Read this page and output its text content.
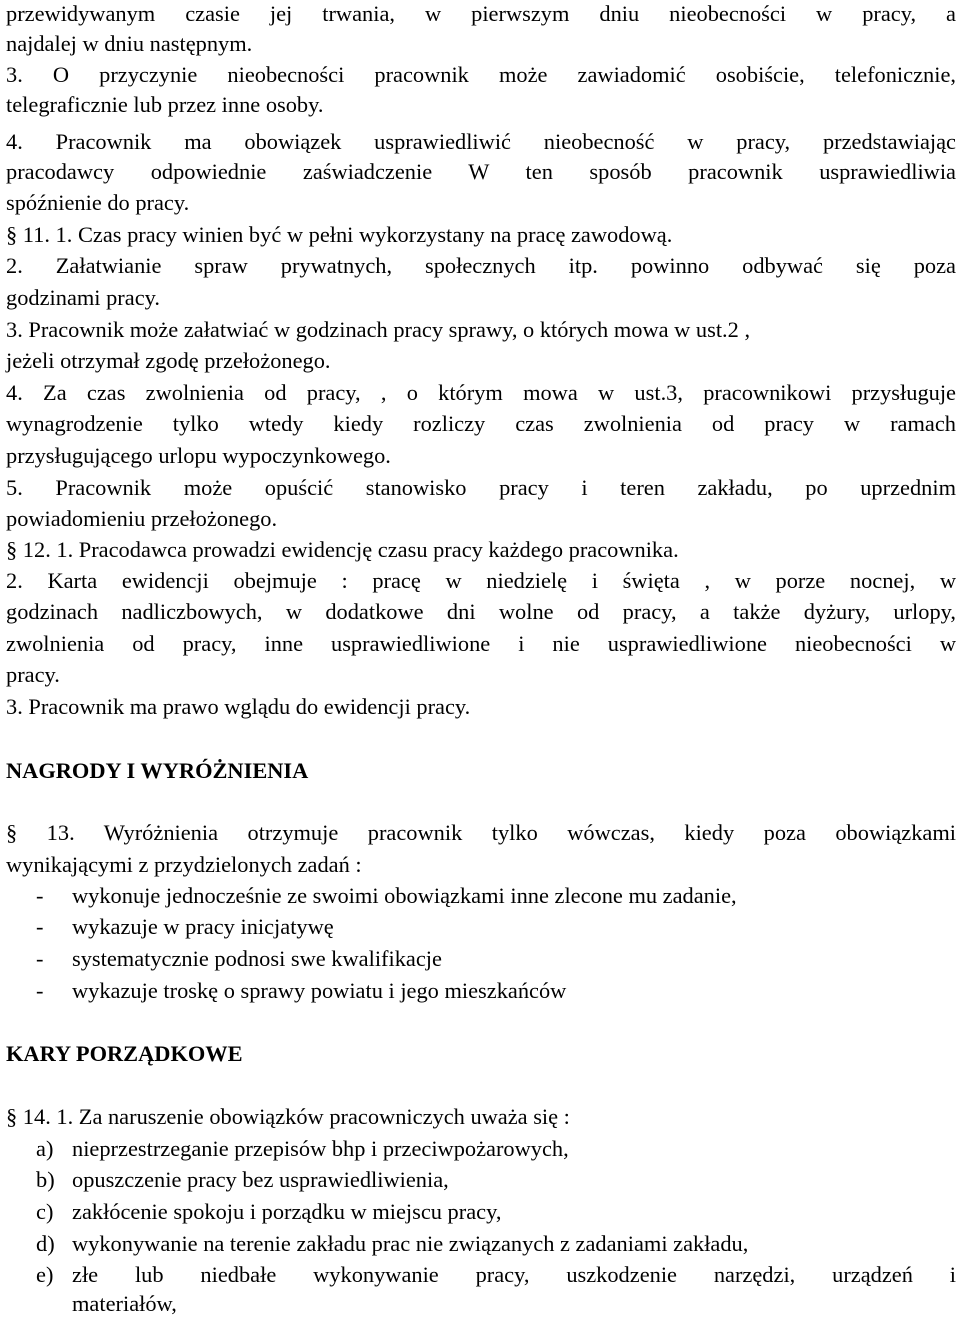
przewidywanym czasie jej trwania, w pierwszym dniu nieobecności w pracy, a
najdalej w dniu następnym.
3. O przyczynie nieobecności pracownik może zawiadomić osobiście, telefonicznie,
telegraficznie lub przez inne osoby.
4. Pracownik ma obowiązek usprawiedliwić nieobecność w pracy, przedstawiając
pracodawcy odpowiednie zaświadczenie W ten sposób pracownik usprawiedliwia
spóźnienie do pracy.
§ 11. 1. Czas pracy winien być w pełni wykorzystany na pracę zawodową.
2. Załatwianie spraw prywatnych, społecznych itp. powinno odbywać się poza
godzinami pracy.
3. Pracownik może załatwiać w godzinach pracy sprawy, o których mowa w ust.2 ,
jeżeli otrzymał zgodę przełożonego.
4. Za czas zwolnienia od pracy, , o którym mowa w ust.3, pracownikowi przysługuje
wynagrodzenie tylko wtedy kiedy rozliczy czas zwolnienia od pracy w ramach
przysługującego urlopu wypoczynkowego.
5. Pracownik może opuścić stanowisko pracy i teren zakładu, po uprzednim
powiadomieniu przełożonego.
§ 12. 1. Pracodawca prowadzi ewidencję czasu pracy każdego pracownika.
2. Karta ewidencji obejmuje : pracę w niedzielę i święta , w porze nocnej, w
godzinach nadliczbowych, w dodatkowe dni wolne od pracy, a także dyżury, urlopy,
zwolnienia od pracy, inne usprawiedliwione i nie usprawiedliwione nieobecności w
pracy.
3. Pracownik ma prawo wglądu do ewidencji pracy.
NAGRODY I WYRÓŻNIENIA
§ 13. Wyróżnienia otrzymuje pracownik tylko wówczas, kiedy poza obowiązkami
wynikającymi z przydzielonych zadań :
- wykonuje jednocześnie ze swoimi obowiązkami inne zlecone mu zadanie,
- wykazuje w pracy inicjatywę
- systematycznie podnosi swe kwalifikacje
- wykazuje troskę o sprawy powiatu i jego mieszkańców
KARY PORZĄDKOWE
§ 14. 1. Za naruszenie obowiązków pracowniczych uważa się :
a) nieprzestrzeganie przepisów bhp i przeciwpożarowych,
b) opuszczenie pracy bez usprawiedliwienia,
c) zakłócenie spokoju i porządku w miejscu pracy,
d) wykonywanie na terenie zakładu prac nie związanych z zadaniami zakładu,
e) złe lub niedbałe wykonywanie pracy, uszkodzenie narzędzi, urządzeń i
materiałów,
